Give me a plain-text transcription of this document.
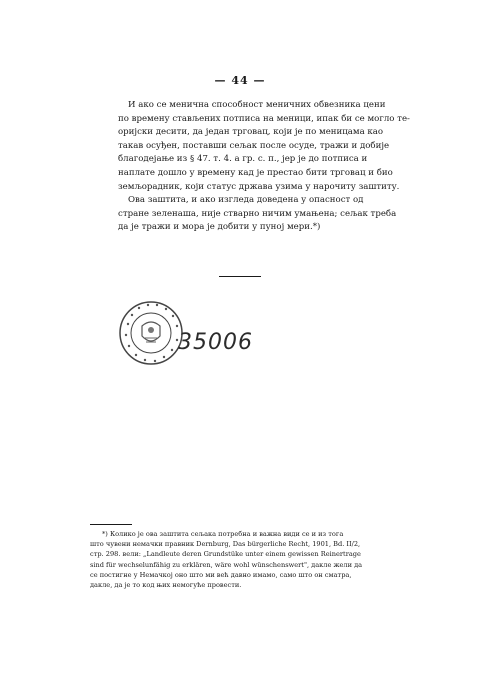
— 44 —
И ако се менична способност меничних обвезника цени
по времену стављених потписа на меници, ипак би се могло те-
ориjски десити, да jедан трговац, коjи je по меницама као
такав осуђен, поставши сељак после осуде, тражи и добије
благодејање из § 47. т. 4. а гр. с. п., jер je до потписа и
наплате дошло у времену кад je престао бити трговац и био
земљорадник, коjи статус држава узима у нарочиту заштиту.
Ова заштита, и ако изгледа доведена у опасност од
стране зеленаша, ниje стварно ничим умањена; сељак треба
да je тражи и мора je добити у пуној мери.*)
35006
*) Колико je ова заштита сељака потребна и важна види се и из тога
што чувени немачки правник Dernburg, Das bürgerliche Recht, 1901, Bd. II/2,
стр. 298. вели: „Landleute deren Grundstüke unter einem gewissen Reinertrage
sind für wechselunfähig zu erklären, wäre wohl wünschenswert", дакле жели да
се постигне у Немачкоj оно што ми већ давно имамо, само што он сматра,
дакле, да je то код њих немогуће провести.
